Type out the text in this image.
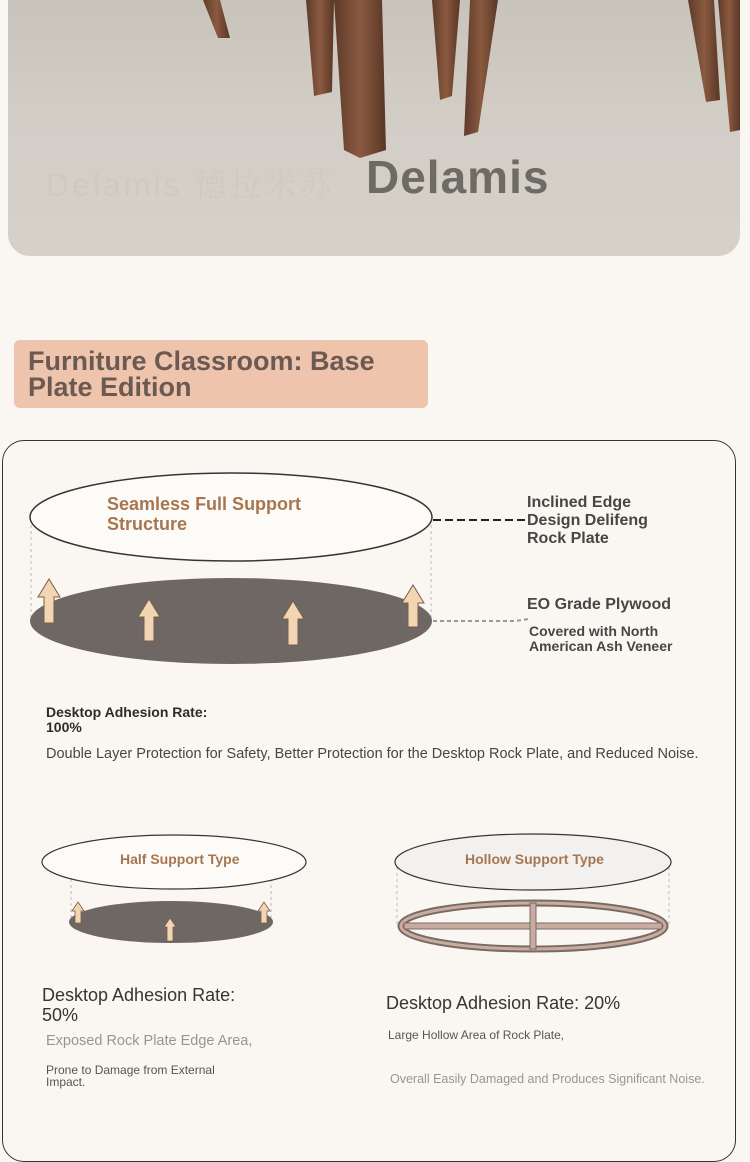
Delamis 德拉米苏 Delamis
Furniture Classroom: Base Plate Edition
Seamless Full Support Structure
Inclined Edge Design Delifeng Rock Plate
EO Grade Plywood
Covered with North American Ash Veneer
Desktop Adhesion Rate: 100%
Double Layer Protection for Safety, Better Protection for the Desktop Rock Plate, and Reduced Noise.
Half Support Type
Desktop Adhesion Rate: 50%
Exposed Rock Plate Edge Area,
Prone to Damage from External Impact.
Hollow Support Type
Desktop Adhesion Rate: 20%
Large Hollow Area of Rock Plate,
Overall Easily Damaged and Produces Significant Noise.
